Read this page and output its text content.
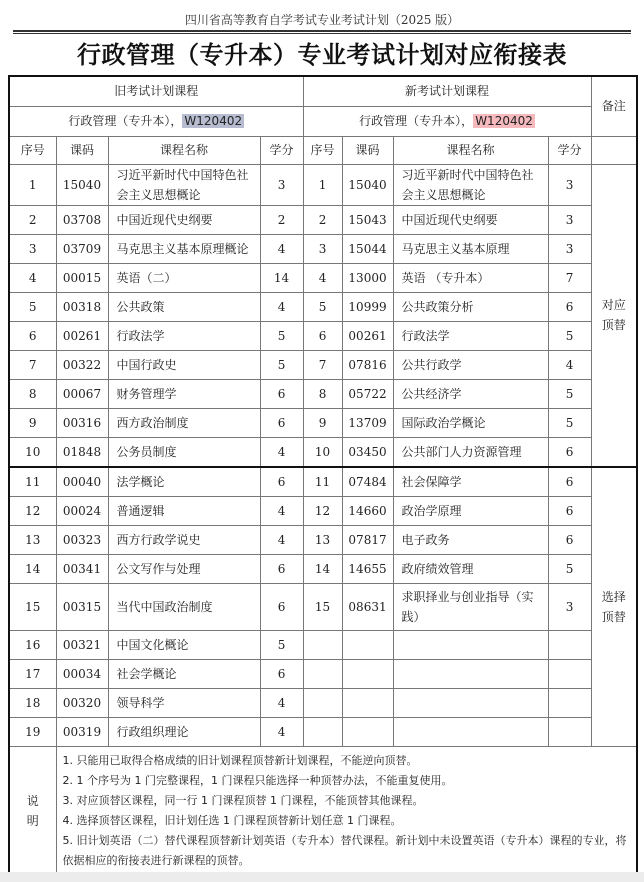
四川省高等教育自学考试专业考试计划（2025 版）
行政管理（专升本）专业考试计划对应衔接表
旧考试计划课程				新考试计划课程				备注
行政管理（专升本）， W120402				行政管理（专升本）， W120402				
序号	课码	课程名称	学分	序号	课码	课程名称	学分	
1	15040	习近平新时代中国特色社会主义思想概论	3	1	15040	习近平新时代中国特色社会主义思想概论	3	对应
顶替
2	03708	中国近现代史纲要	2	2	15043	中国近现代史纲要	3	
3	03709	马克思主义基本原理概论	4	3	15044	马克思主义基本原理	3	
4	00015	英语（二）	14	4	13000	英语 （专升本）	7	
5	00318	公共政策	4	5	10999	公共政策分析	6	
6	00261	行政法学	5	6	00261	行政法学	5	
7	00322	中国行政史	5	7	07816	公共行政学	4	
8	00067	财务管理学	6	8	05722	公共经济学	5	
9	00316	西方政治制度	6	9	13709	国际政治学概论	5	
10	01848	公务员制度	4	10	03450	公共部门人力资源管理	6	
11	00040	法学概论	6	11	07484	社会保障学	6	选择
顶替
12	00024	普通逻辑	4	12	14660	政治学原理	6	
13	00323	西方行政学说史	4	13	07817	电子政务	6	
14	00341	公文写作与处理	6	14	14655	政府绩效管理	5	
15	00315	当代中国政治制度	6	15	08631	求职择业与创业指导（实践）	3	
16	00321	中国文化概论	5					
17	00034	社会学概论	6					
18	00320	领导科学	4					
19	00319	行政组织理论	4					
说
明	
1. 只能用已取得合格成绩的旧计划课程顶替新计划课程，不能逆向顶替。
2. 1 个序号为 1 门完整课程，1 门课程只能选择一种顶替办法，不能重复使用。
3. 对应顶替区课程，同一行 1 门课程顶替 1 门课程，不能顶替其他课程。
4. 选择顶替区课程，旧计划任选 1 门课程顶替新计划任意 1 门课程。
5. 旧计划英语（二）替代课程顶替新计划英语（专升本）替代课程。新计划中未设置英语（专升本）课程的专业，将依据相应的衔接表进行新课程的顶替。
